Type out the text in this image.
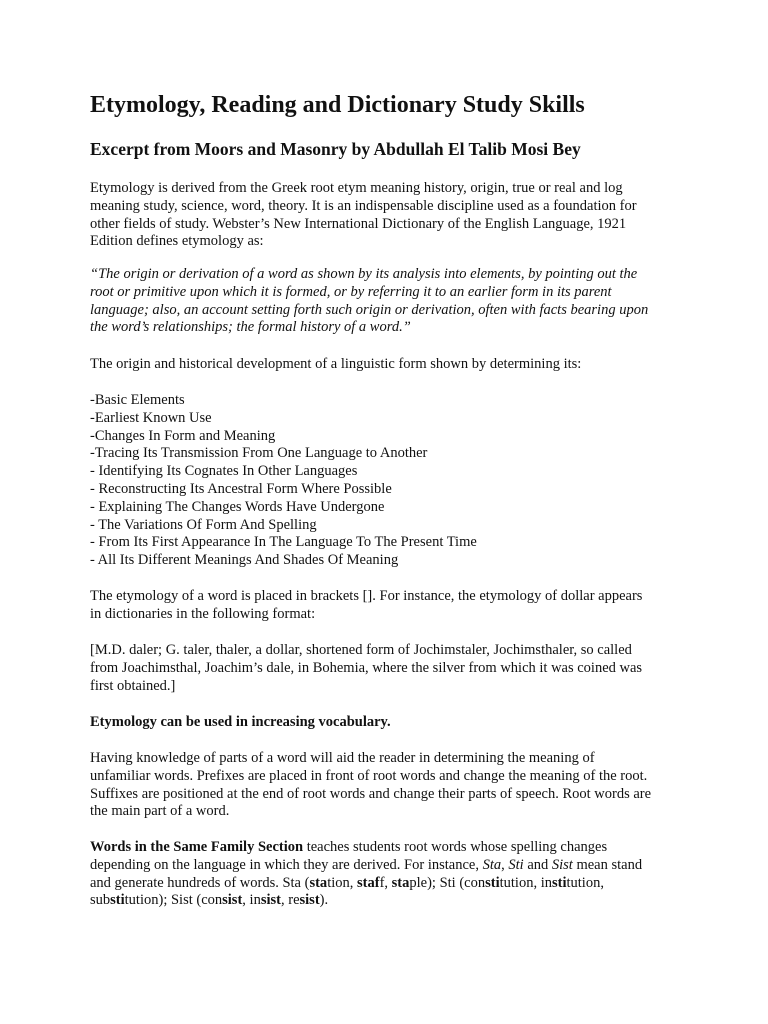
Etymology, Reading and Dictionary Study Skills
Excerpt from Moors and Masonry by Abdullah El Talib Mosi Bey

Etymology is derived from the Greek root etym meaning history, origin, true or real and log
meaning study, science, word, theory. It is an indispensable discipline used as a foundation for
other fields of study. Webster’s New International Dictionary of the English Language, 1921
Edition defines etymology as:

“The origin or derivation of a word as shown by its analysis into elements, by pointing out the
root or primitive upon which it is formed, or by referring it to an earlier form in its parent
language; also, an account setting forth such origin or derivation, often with facts bearing upon
the word’s relationships; the formal history of a word.”

The origin and historical development of a linguistic form shown by determining its:

-Basic Elements
-Earliest Known Use
-Changes In Form and Meaning
-Tracing Its Transmission From One Language to Another
- Identifying Its Cognates In Other Languages
- Reconstructing Its Ancestral Form Where Possible
- Explaining The Changes Words Have Undergone
- The Variations Of Form And Spelling
- From Its First Appearance In The Language To The Present Time
- All Its Different Meanings And Shades Of Meaning

The etymology of a word is placed in brackets []. For instance, the etymology of dollar appears
in dictionaries in the following format:

[M.D. daler; G. taler, thaler, a dollar, shortened form of Jochimstaler, Jochimsthaler, so called
from Joachimsthal, Joachim’s dale, in Bohemia, where the silver from which it was coined was
first obtained.]

Etymology can be used in increasing vocabulary.

Having knowledge of parts of a word will aid the reader in determining the meaning of
unfamiliar words. Prefixes are placed in front of root words and change the meaning of the root.
Suffixes are positioned at the end of root words and change their parts of speech. Root words are
the main part of a word.

Words in the Same Family Section teaches students root words whose spelling changes
depending on the language in which they are derived. For instance, Sta, Sti and Sist mean stand
and generate hundreds of words. Sta (station, staff, staple); Sti (constitution, institution,
substitution); Sist (consist, insist, resist).
